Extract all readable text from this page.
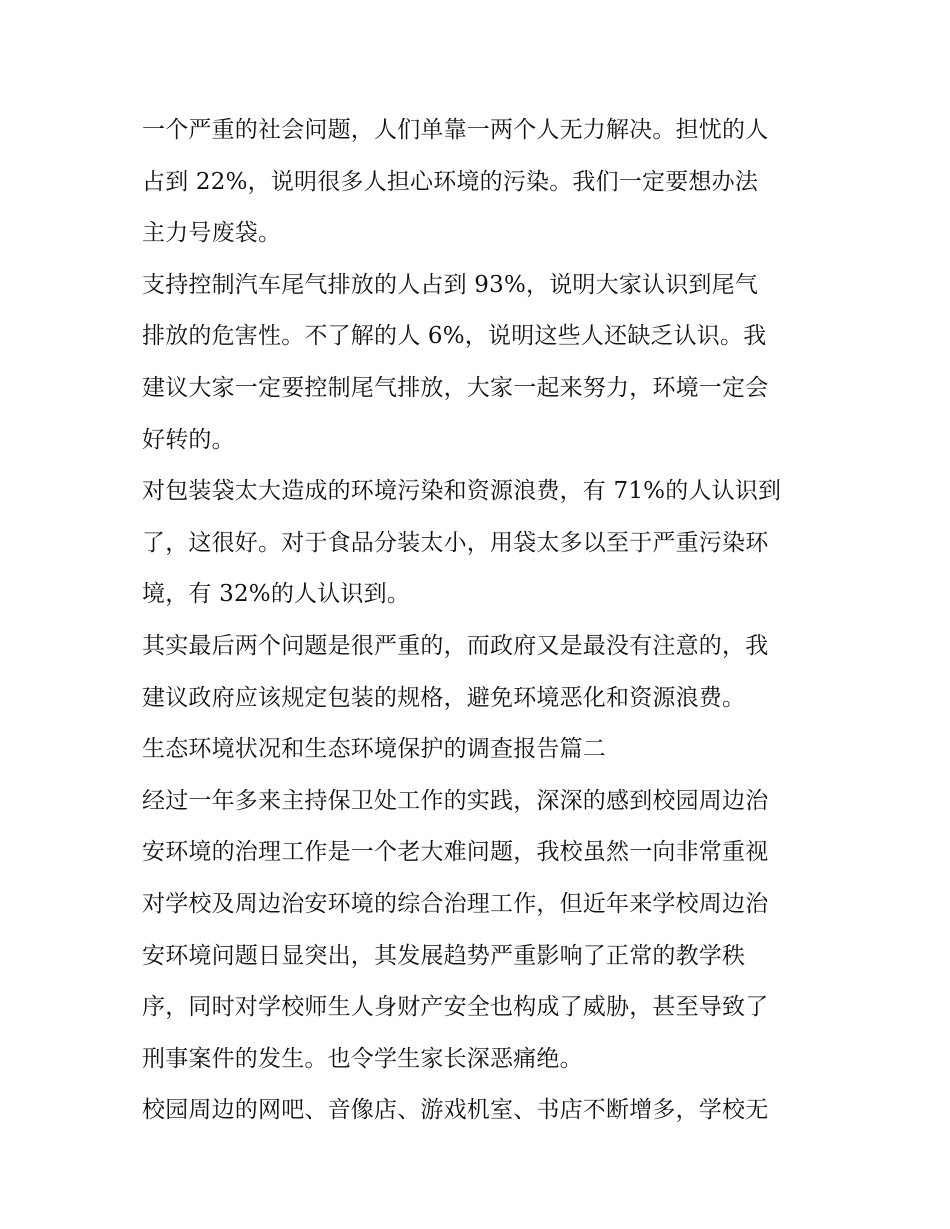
一个严重的社会问题，人们单靠一两个人无力解决。担忧的人
占到 22%，说明很多人担心环境的污染。我们一定要想办法
主力号废袋。
支持控制汽车尾气排放的人占到 93%，说明大家认识到尾气
排放的危害性。不了解的人 6%，说明这些人还缺乏认识。我
建议大家一定要控制尾气排放，大家一起来努力，环境一定会
好转的。
对包装袋太大造成的环境污染和资源浪费，有 71%的人认识到
了，这很好。对于食品分装太小，用袋太多以至于严重污染环
境，有 32%的人认识到。
其实最后两个问题是很严重的，而政府又是最没有注意的，我
建议政府应该规定包装的规格，避免环境恶化和资源浪费。
生态环境状况和生态环境保护的调查报告篇二
经过一年多来主持保卫处工作的实践，深深的感到校园周边治
安环境的治理工作是一个老大难问题，我校虽然一向非常重视
对学校及周边治安环境的综合治理工作，但近年来学校周边治
安环境问题日显突出，其发展趋势严重影响了正常的教学秩
序，同时对学校师生人身财产安全也构成了威胁，甚至导致了
刑事案件的发生。也令学生家长深恶痛绝。
校园周边的网吧、音像店、游戏机室、书店不断增多，学校无
